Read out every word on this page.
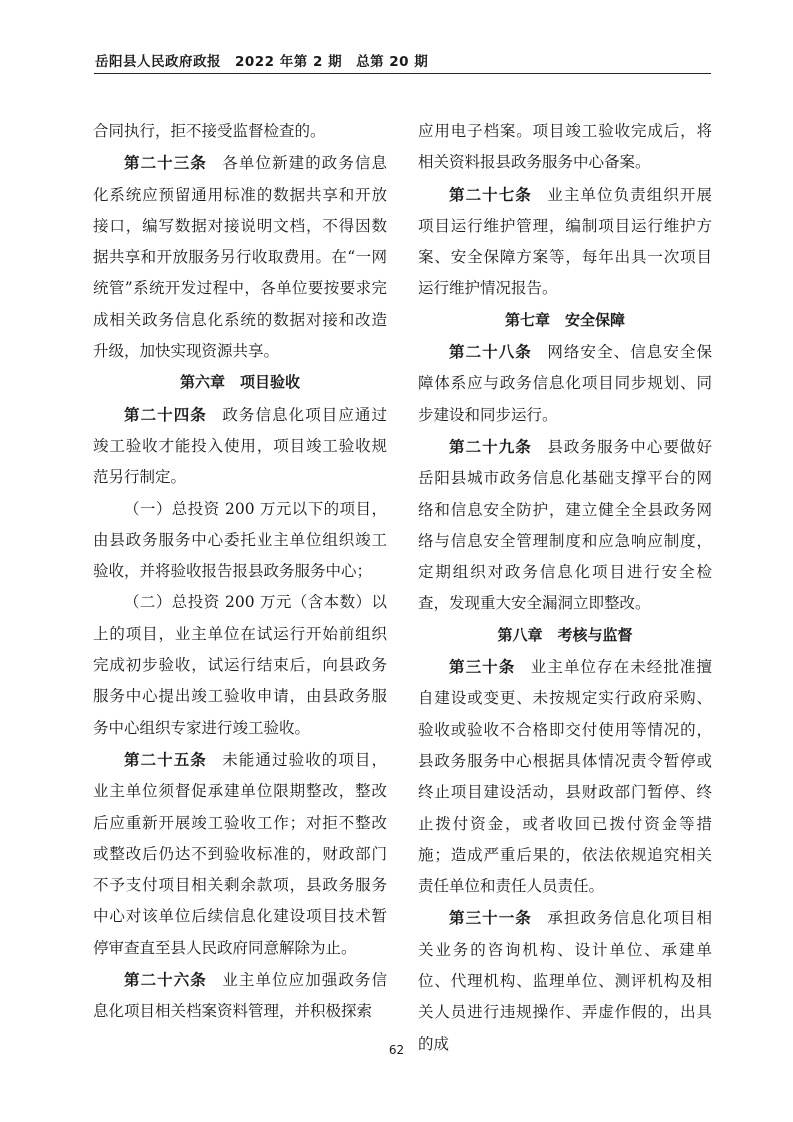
岳阳县人民政府政报　2022 年第 2 期　总第 20 期

合同执行，拒不接受监督检查的。

第二十三条 各单位新建的政务信息化系统应预留通用标准的数据共享和开放接口，编写数据对接说明文档，不得因数据共享和开放服务另行收取费用。在“一网统管”系统开发过程中，各单位要按要求完成相关政务信息化系统的数据对接和改造升级，加快实现资源共享。

第六章 项目验收

第二十四条 政务信息化项目应通过竣工验收才能投入使用，项目竣工验收规范另行制定。

（一）总投资 200 万元以下的项目，由县政务服务中心委托业主单位组织竣工验收，并将验收报告报县政务服务中心；

（二）总投资 200 万元（含本数）以上的项目，业主单位在试运行开始前组织完成初步验收，试运行结束后，向县政务服务中心提出竣工验收申请，由县政务服务中心组织专家进行竣工验收。

第二十五条 未能通过验收的项目，业主单位须督促承建单位限期整改，整改后应重新开展竣工验收工作；对拒不整改或整改后仍达不到验收标准的，财政部门不予支付项目相关剩余款项，县政务服务中心对该单位后续信息化建设项目技术暂停审查直至县人民政府同意解除为止。

第二十六条 业主单位应加强政务信息化项目相关档案资料管理，并积极探索

应用电子档案。项目竣工验收完成后，将相关资料报县政务服务中心备案。

第二十七条 业主单位负责组织开展项目运行维护管理，编制项目运行维护方案、安全保障方案等，每年出具一次项目运行维护情况报告。

第七章 安全保障

第二十八条 网络安全、信息安全保障体系应与政务信息化项目同步规划、同步建设和同步运行。

第二十九条 县政务服务中心要做好岳阳县城市政务信息化基础支撑平台的网络和信息安全防护，建立健全全县政务网络与信息安全管理制度和应急响应制度，定期组织对政务信息化项目进行安全检查，发现重大安全漏洞立即整改。

第八章 考核与监督

第三十条 业主单位存在未经批准擅自建设或变更、未按规定实行政府采购、验收或验收不合格即交付使用等情况的，县政务服务中心根据具体情况责令暂停或终止项目建设活动，县财政部门暂停、终止拨付资金，或者收回已拨付资金等措施；造成严重后果的，依法依规追究相关责任单位和责任人员责任。

第三十一条 承担政务信息化项目相关业务的咨询机构、设计单位、承建单位、代理机构、监理单位、测评机构及相关人员进行违规操作、弄虚作假的，出具的成

62
